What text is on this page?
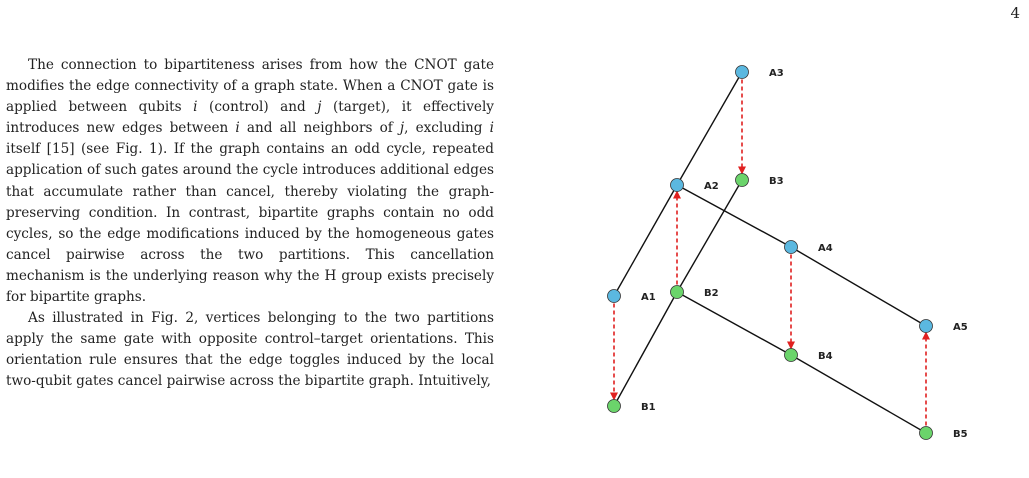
4

The connection to bipartiteness arises from how the CNOT gate modifies the edge connectivity of a graph state. When a CNOT gate is applied between qubits i (control) and j (target), it effectively introduces new edges between i and all neighbors of j, excluding i itself [15] (see Fig. 1). If the graph contains an odd cycle, repeated application of such gates around the cycle introduces additional edges that accumulate rather than cancel, thereby violating the graph-preserving condition. In contrast, bipartite graphs contain no odd cycles, so the edge modifications induced by the homogeneous gates cancel pairwise across the two partitions. This cancellation mechanism is the underlying reason why the H group exists precisely for bipartite graphs.

As illustrated in Fig. 2, vertices belonging to the two partitions apply the same gate with opposite control–target orientations. This orientation rule ensures that the edge toggles induced by the local two-qubit gates cancel pairwise across the bipartite graph. Intuitively,

A1
A2
A3
A4
A5
B1
B2
B3
B4
B5
